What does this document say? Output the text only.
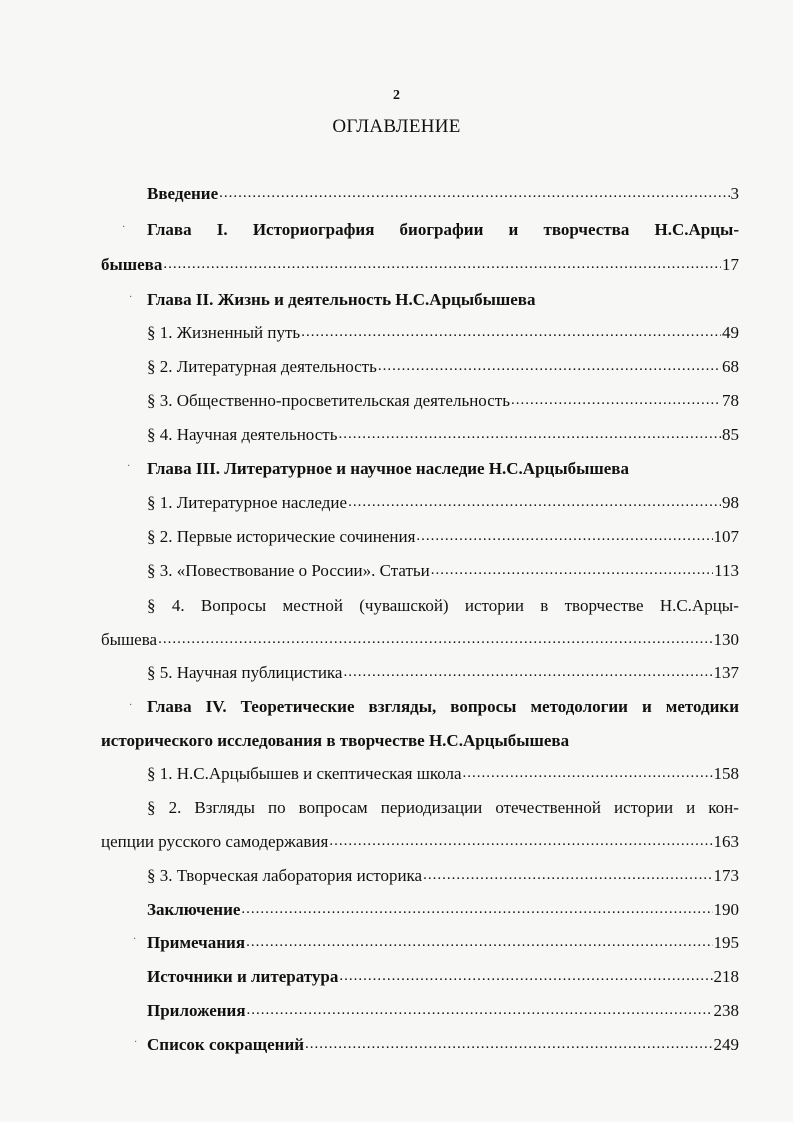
2
ОГЛАВЛЕНИЕ
Введение .....	3
Глава I. Историография биографии и творчества Н.С.Арцы-
бышева .....	17
Глава II. Жизнь и деятельность Н.С.Арцыбышева
§ 1. Жизненный путь .....	49
§ 2. Литературная деятельность .....	68
§ 3. Общественно-просветительская деятельность .....	78
§ 4. Научная деятельность .....	85
Глава III. Литературное и научное наследие Н.С.Арцыбышева
§ 1. Литературное наследие .....	98
§ 2. Первые исторические сочинения .....	107
§ 3. «Повествование о России». Статьи .....	113
§ 4. Вопросы местной (чувашской) истории в творчестве Н.С.Арцы-
бышева .....	130
§ 5. Научная публицистика .....	137
Глава IV. Теоретические взгляды, вопросы методологии и методики
исторического исследования в творчестве Н.С.Арцыбышева
§ 1. Н.С.Арцыбышев и скептическая школа .....	158
§ 2. Взгляды по вопросам периодизации отечественной истории и кон-
цепции русского самодержавия .....	163
§ 3. Творческая лаборатория историка .....	173
Заключение .....	190
Примечания .....	195
Источники и литература .....	218
Приложения .....	238
Список сокращений .....	249
·
·
·
·
·
·
